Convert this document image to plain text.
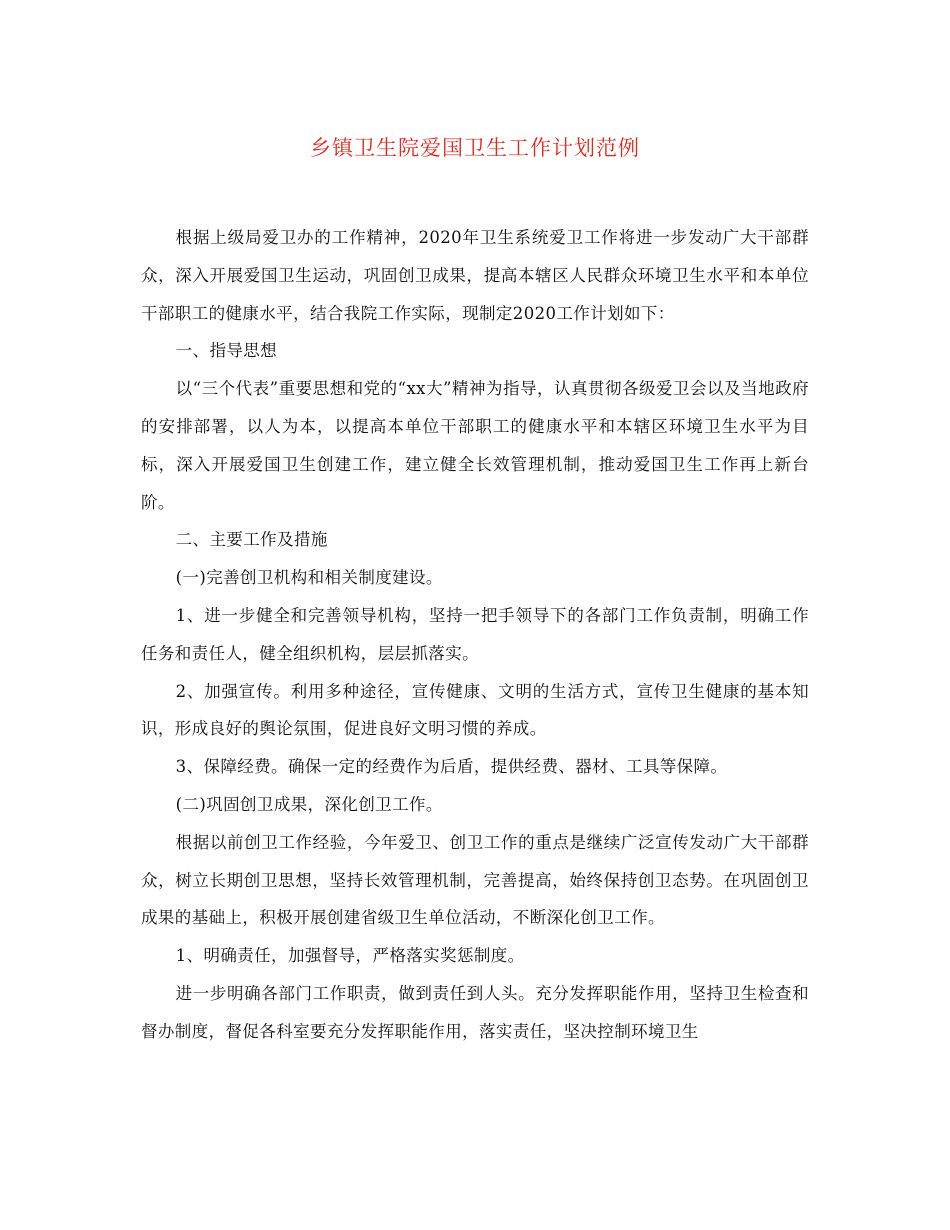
乡镇卫生院爱国卫生工作计划范例

根据上级局爱卫办的工作精神，2020年卫生系统爱卫工作将进一步发动广大干部群众，深入开展爱国卫生运动，巩固创卫成果，提高本辖区人民群众环境卫生水平和本单位干部职工的健康水平，结合我院工作实际，现制定2020工作计划如下：

一、指导思想

以“三个代表”重要思想和党的“xx大”精神为指导，认真贯彻各级爱卫会以及当地政府的安排部署，以人为本，以提高本单位干部职工的健康水平和本辖区环境卫生水平为目标，深入开展爱国卫生创建工作，建立健全长效管理机制，推动爱国卫生工作再上新台阶。

二、主要工作及措施

(一)完善创卫机构和相关制度建设。

1、进一步健全和完善领导机构，坚持一把手领导下的各部门工作负责制，明确工作任务和责任人，健全组织机构，层层抓落实。

2、加强宣传。利用多种途径，宣传健康、文明的生活方式，宣传卫生健康的基本知识，形成良好的舆论氛围，促进良好文明习惯的养成。

3、保障经费。确保一定的经费作为后盾，提供经费、器材、工具等保障。

(二)巩固创卫成果，深化创卫工作。

根据以前创卫工作经验，今年爱卫、创卫工作的重点是继续广泛宣传发动广大干部群众，树立长期创卫思想，坚持长效管理机制，完善提高，始终保持创卫态势。在巩固创卫成果的基础上，积极开展创建省级卫生单位活动，不断深化创卫工作。

1、明确责任，加强督导，严格落实奖惩制度。

进一步明确各部门工作职责，做到责任到人头。充分发挥职能作用，坚持卫生检查和督办制度，督促各科室要充分发挥职能作用，落实责任，坚决控制环境卫生
